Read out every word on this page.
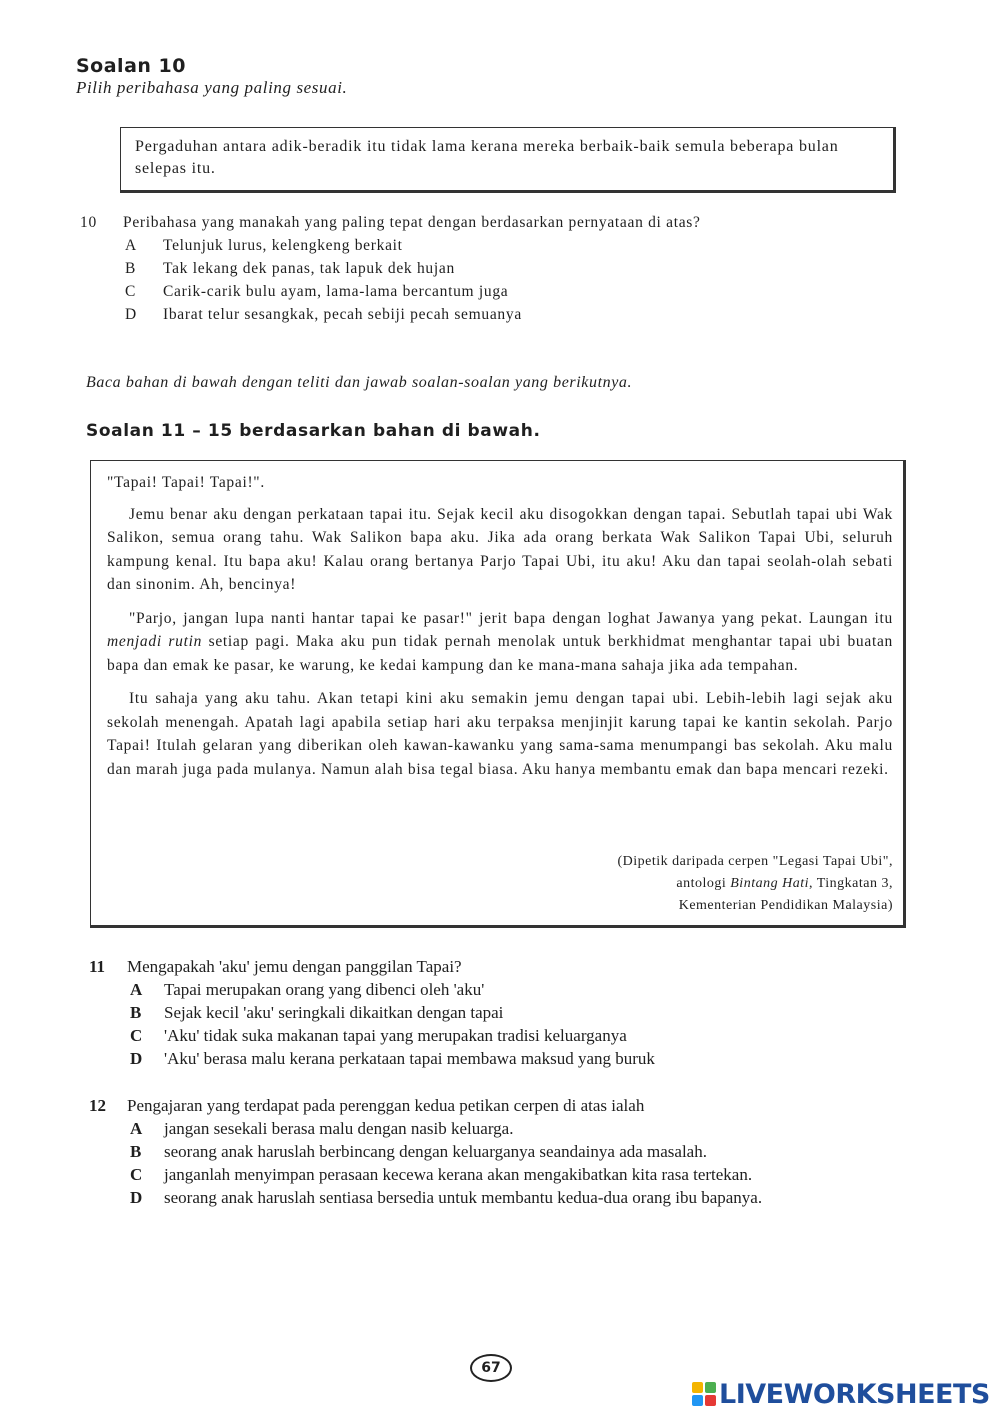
Soalan 10
Pilih peribahasa yang paling sesuai.
Pergaduhan antara adik-beradik itu tidak lama kerana mereka berbaik-baik semula beberapa bulan selepas itu.
10 Peribahasa yang manakah yang paling tepat dengan berdasarkan pernyataan di atas?
A Telunjuk lurus, kelengkeng berkait
B Tak lekang dek panas, tak lapuk dek hujan
C Carik-carik bulu ayam, lama-lama bercantum juga
D Ibarat telur sesangkak, pecah sebiji pecah semuanya
Baca bahan di bawah dengan teliti dan jawab soalan-soalan yang berikutnya.
Soalan 11 – 15 berdasarkan bahan di bawah.

"Tapai! Tapai! Tapai!".

Jemu benar aku dengan perkataan tapai itu. Sejak kecil aku disogokkan dengan tapai. Sebutlah tapai ubi Wak Salikon, semua orang tahu. Wak Salikon bapa aku. Jika ada orang berkata Wak Salikon Tapai Ubi, seluruh kampung kenal. Itu bapa aku! Kalau orang bertanya Parjo Tapai Ubi, itu aku! Aku dan tapai seolah-olah sebati dan sinonim. Ah, bencinya!

"Parjo, jangan lupa nanti hantar tapai ke pasar!" jerit bapa dengan loghat Jawanya yang pekat. Laungan itu menjadi rutin setiap pagi. Maka aku pun tidak pernah menolak untuk berkhidmat menghantar tapai ubi buatan bapa dan emak ke pasar, ke warung, ke kedai kampung dan ke mana-mana sahaja jika ada tempahan.

Itu sahaja yang aku tahu. Akan tetapi kini aku semakin jemu dengan tapai ubi. Lebih-lebih lagi sejak aku sekolah menengah. Apatah lagi apabila setiap hari aku terpaksa menjinjit karung tapai ke kantin sekolah. Parjo Tapai! Itulah gelaran yang diberikan oleh kawan-kawanku yang sama-sama menumpangi bas sekolah. Aku malu dan marah juga pada mulanya. Namun alah bisa tegal biasa. Aku hanya membantu emak dan bapa mencari rezeki.

(Dipetik daripada cerpen "Legasi Tapai Ubi",
antologi Bintang Hati, Tingkatan 3,
Kementerian Pendidikan Malaysia)
11 Mengapakah 'aku' jemu dengan panggilan Tapai?
A Tapai merupakan orang yang dibenci oleh 'aku'
B Sejak kecil 'aku' seringkali dikaitkan dengan tapai
C 'Aku' tidak suka makanan tapai yang merupakan tradisi keluarganya
D 'Aku' berasa malu kerana perkataan tapai membawa maksud yang buruk
12 Pengajaran yang terdapat pada perenggan kedua petikan cerpen di atas ialah
A jangan sesekali berasa malu dengan nasib keluarga.
B seorang anak haruslah berbincang dengan keluarganya seandainya ada masalah.
C janganlah menyimpan perasaan kecewa kerana akan mengakibatkan kita rasa tertekan.
D seorang anak haruslah sentiasa bersedia untuk membantu kedua-dua orang ibu bapanya.
67
LIVEWORKSHEETS
